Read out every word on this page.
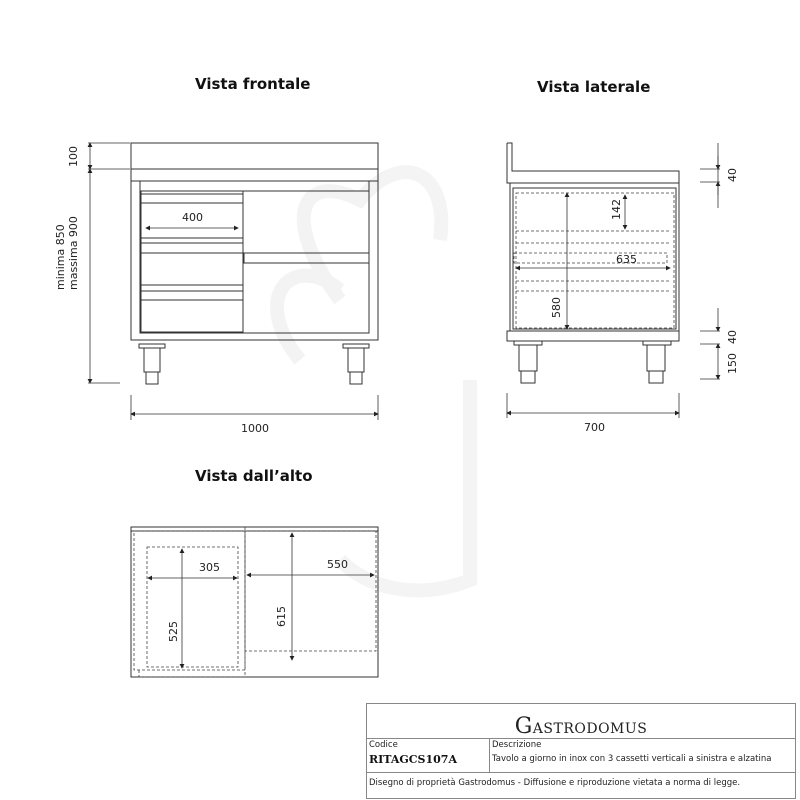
Vista frontale	Vista laterale
Vista dall’alto
100
minima 850 massima 900	400
1000
40
142
635
580
40
150
700
305
525
550
615
GASTRODOMUS
Codice
RITAGCS107A
Descrizione
Tavolo a giorno in inox con 3 cassetti verticali a sinistra e alzatina
Disegno di proprietà Gastrodomus - Diffusione e riproduzione vietata a norma di legge.
